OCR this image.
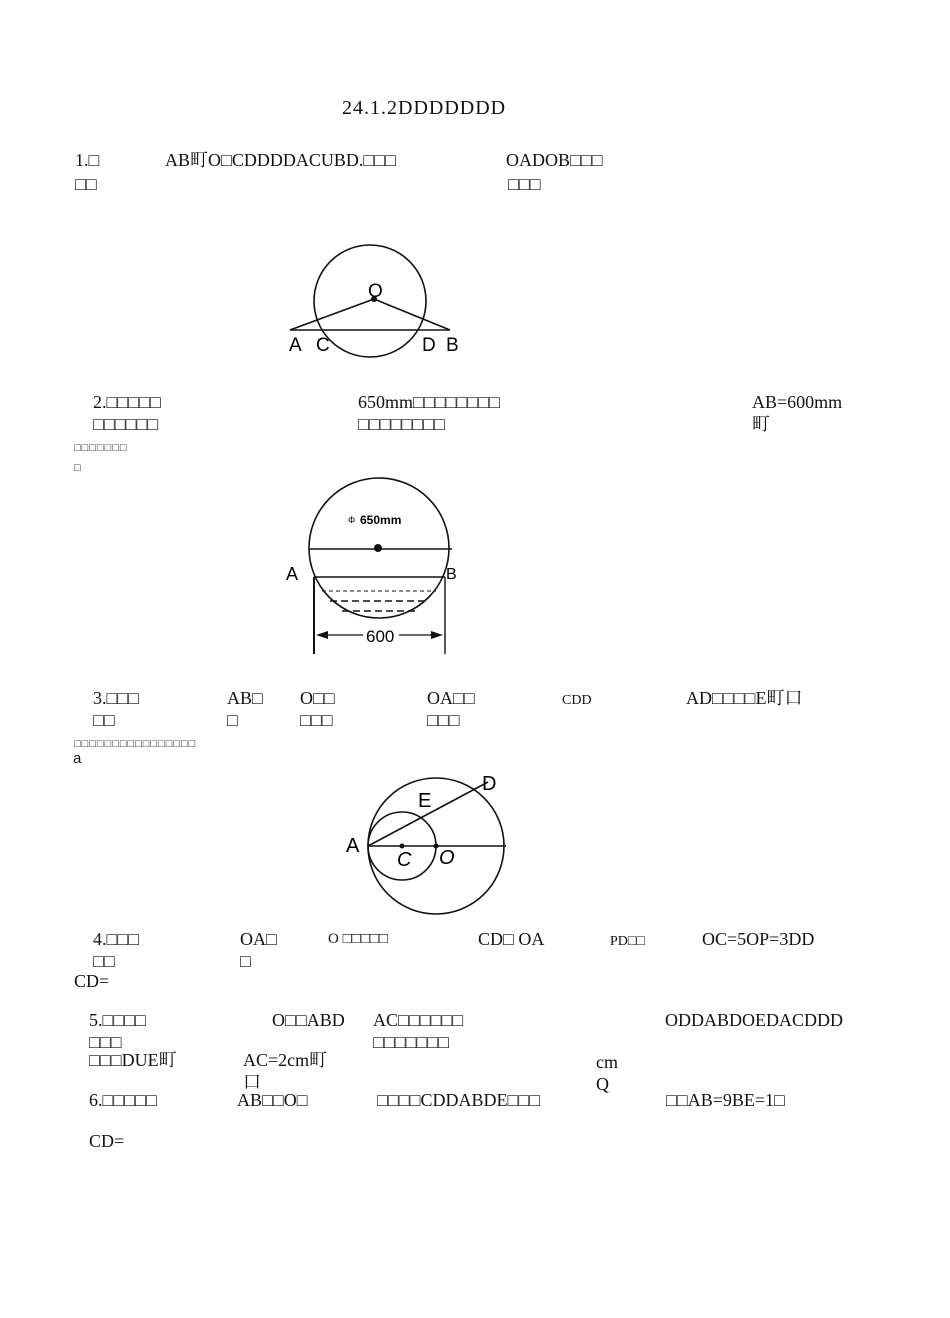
24.1.2DDDDDDD
1.□	AB町O□CDDDDACUBD.□□□	OADOB□□□
□□	□□□
O
A C	D B
2.□□□□□	650mm□□□□□□□□	AB=600mm
□□□□□□	□□□□□□□□	町
□□□□□□□
□
600
Φ 650mm
A	B
3.□□□	AB□ O□□	OA□□	CDD	AD□□□□E町口
□□	□	□□□	□□□
□□□□□□□□□□□□□□□□
a
D
E
A
C O
4.□□□	OA□	O □□□□□	CD□ OA	PD□□	OC=5OP=3DD
□□	□
CD=
5.□□□□	O□□ABD AC□□□□□□	ODDABDOEDACDDD
□□□	□□□□□□□
□□□DUE町	AC=2cm町	cm
口	Q
6.□□□□□	AB□□O□	□□□□CDDABDE□□□	□□AB=9BE=1□
CD=
